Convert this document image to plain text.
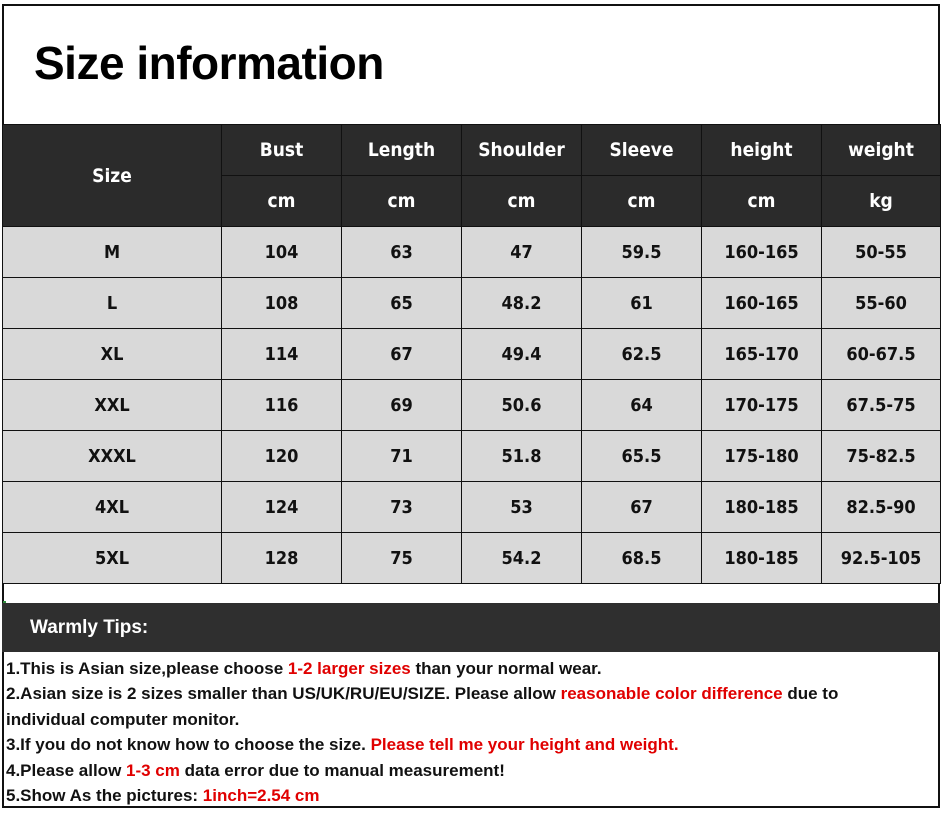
Size information
Size	Bust	Length	Shoulder	Sleeve	height	weight
	cm	cm	cm	cm	cm	kg
M	104	63	47	59.5	160-165	50-55
L	108	65	48.2	61	160-165	55-60
XL	114	67	49.4	62.5	165-170	60-67.5
XXL	116	69	50.6	64	170-175	67.5-75
XXXL	120	71	51.8	65.5	175-180	75-82.5
4XL	124	73	53	67	180-185	82.5-90
5XL	128	75	54.2	68.5	180-185	92.5-105
Warmly Tips:
1.This is Asian size,please choose 1-2 larger sizes than your normal wear.
2.Asian size is 2 sizes smaller than US/UK/RU/EU/SIZE. Please allow reasonable color difference due to
individual computer monitor.
3.If you do not know how to choose the size. Please tell me your height and weight.
4.Please allow 1-3 cm data error due to manual measurement!
5.Show As the pictures: 1inch=2.54 cm
